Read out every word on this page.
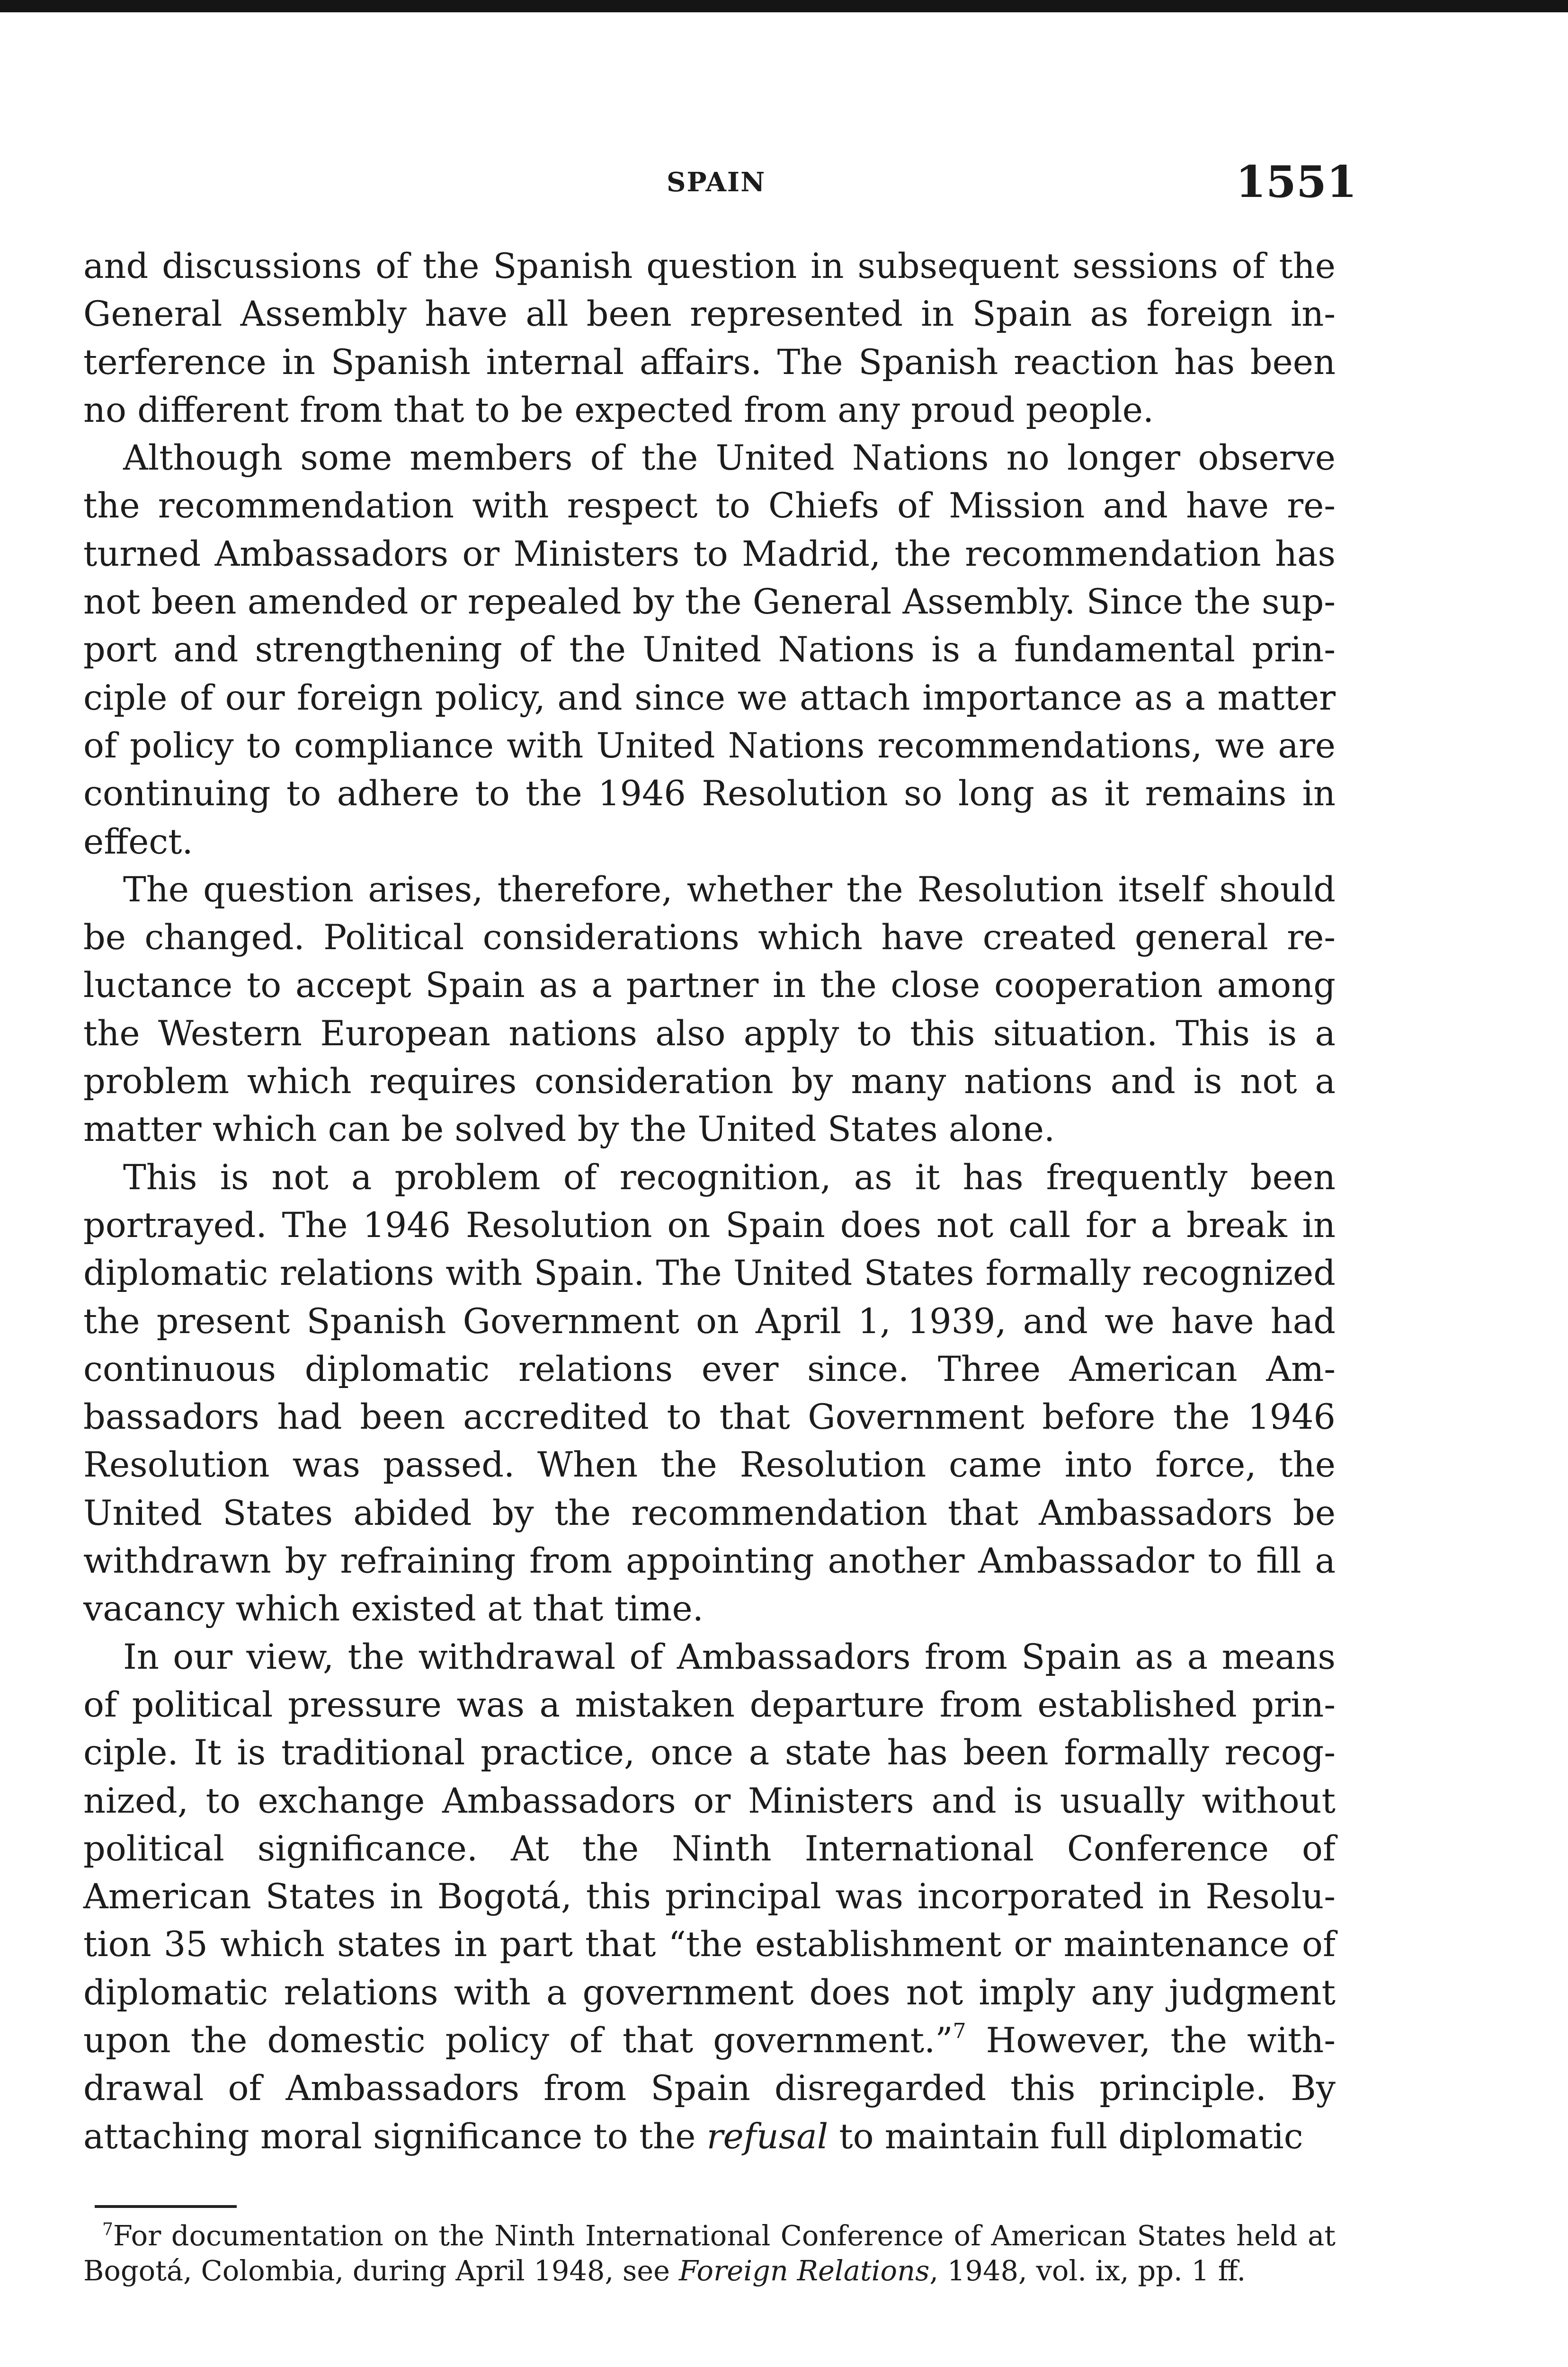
SPAIN	1551

and discussions of the Spanish question in subsequent sessions of the General Assembly have all been represented in Spain as foreign interference in Spanish internal affairs. The Spanish reaction has been no different from that to be expected from any proud people.

Although some members of the United Nations no longer observe the recommendation with respect to Chiefs of Mission and have returned Ambassadors or Ministers to Madrid, the recommendation has not been amended or repealed by the General Assembly. Since the support and strengthening of the United Nations is a fundamental principle of our foreign policy, and since we attach importance as a matter of policy to compliance with United Nations recommendations, we are continuing to adhere to the 1946 Resolution so long as it remains in effect.

The question arises, therefore, whether the Resolution itself should be changed. Political considerations which have created general reluctance to accept Spain as a partner in the close cooperation among the Western European nations also apply to this situation. This is a problem which requires consideration by many nations and is not a matter which can be solved by the United States alone.

This is not a problem of recognition, as it has frequently been portrayed. The 1946 Resolution on Spain does not call for a break in diplomatic relations with Spain. The United States formally recognized the present Spanish Government on April 1, 1939, and we have had continuous diplomatic relations ever since. Three American Ambassadors had been accredited to that Government before the 1946 Resolution was passed. When the Resolution came into force, the United States abided by the recommendation that Ambassadors be withdrawn by refraining from appointing another Ambassador to fill a vacancy which existed at that time.

In our view, the withdrawal of Ambassadors from Spain as a means of political pressure was a mistaken departure from established principle. It is traditional practice, once a state has been formally recognized, to exchange Ambassadors or Ministers and is usually without political significance. At the Ninth International Conference of American States in Bogotá, this principal was incorporated in Resolution 35 which states in part that “the establishment or maintenance of diplomatic relations with a government does not imply any judgment upon the domestic policy of that government.”$^7$ However, the withdrawal of Ambassadors from Spain disregarded this principle. By attaching moral significance to the refusal to maintain full diplomatic

$^7$For documentation on the Ninth International Conference of American States held at Bogotá, Colombia, during April 1948, see Foreign Relations, 1948, vol. ix, pp. 1 ff.
